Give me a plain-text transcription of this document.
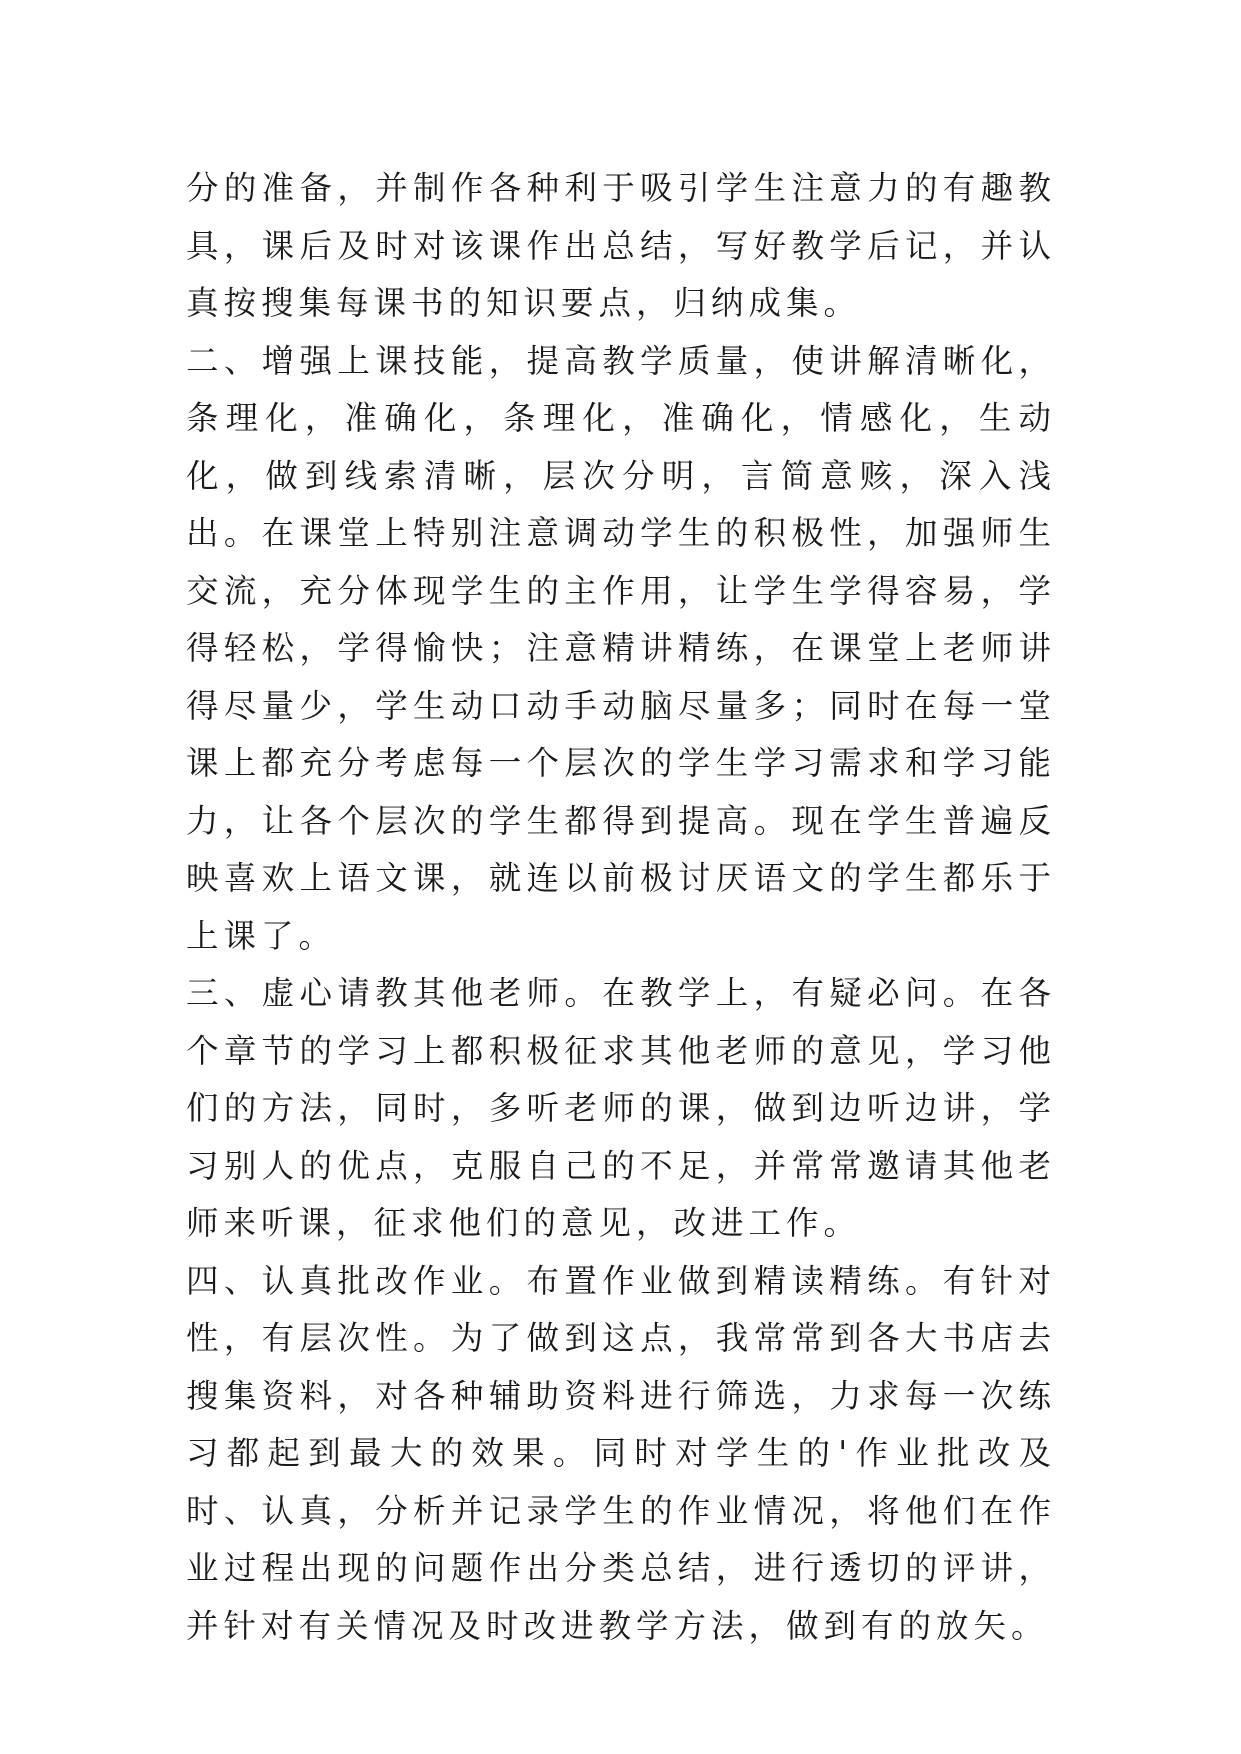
分的准备，并制作各种利于吸引学生注意力的有趣教具，课后及时对该课作出总结，写好教学后记，并认真按搜集每课书的知识要点，归纳成集。

二、增强上课技能，提高教学质量，使讲解清晰化，条理化，准确化，条理化，准确化，情感化，生动化，做到线索清晰，层次分明，言简意赅，深入浅出。在课堂上特别注意调动学生的积极性，加强师生交流，充分体现学生的主作用，让学生学得容易，学得轻松，学得愉快；注意精讲精练，在课堂上老师讲得尽量少，学生动口动手动脑尽量多；同时在每一堂课上都充分考虑每一个层次的学生学习需求和学习能力，让各个层次的学生都得到提高。现在学生普遍反映喜欢上语文课，就连以前极讨厌语文的学生都乐于上课了。

三、虚心请教其他老师。在教学上，有疑必问。在各个章节的学习上都积极征求其他老师的意见，学习他们的方法，同时，多听老师的课，做到边听边讲，学习别人的优点，克服自己的不足，并常常邀请其他老师来听课，征求他们的意见，改进工作。

四、认真批改作业。布置作业做到精读精练。有针对性，有层次性。为了做到这点，我常常到各大书店去搜集资料，对各种辅助资料进行筛选，力求每一次练习都起到最大的效果。同时对学生的'作业批改及时、认真，分析并记录学生的作业情况，将他们在作业过程出现的问题作出分类总结，进行透切的评讲，并针对有关情况及时改进教学方法，做到有的放矢。
